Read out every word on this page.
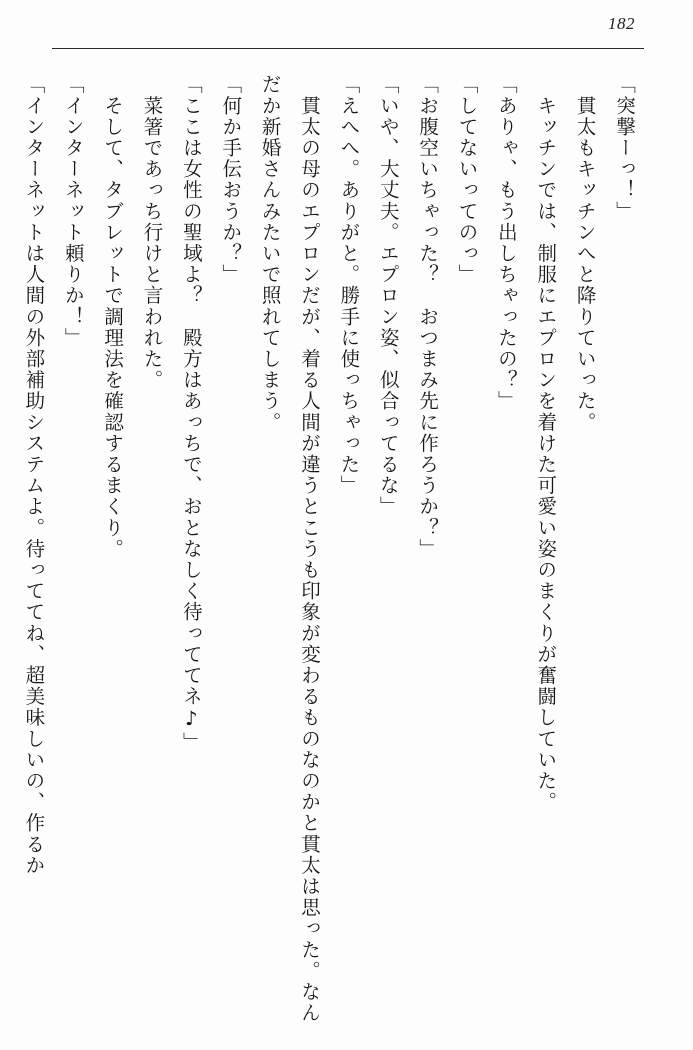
182

「突撃ーっ！」

　貫太もキッチンへと降りていった。

　キッチンでは、制服にエプロンを着けた可愛い姿のまくりが奮闘していた。

「ありゃ、もう出しちゃったの？」

「してないってのっ」

「お腹空いちゃった？　おつまみ先に作ろうか？」

「いや、大丈夫。エプロン姿、似合ってるな」

「えへへ。ありがと。勝手に使っちゃった」

　貫太の母のエプロンだが、着る人間が違うとこうも印象が変わるものなのかと貫太は思った。なんだか新婚さんみたいで照れてしまう。

「何か手伝おうか？」

「ここは女性の聖域よ？　殿方はあっちで、おとなしく待っててネ♪」

　菜箸であっち行けと言われた。

　そして、タブレットで調理法を確認するまくり。

「インターネット頼りか！」

「インターネットは人間の外部補助システムよ。待っててね、超美味しいの、作るか
